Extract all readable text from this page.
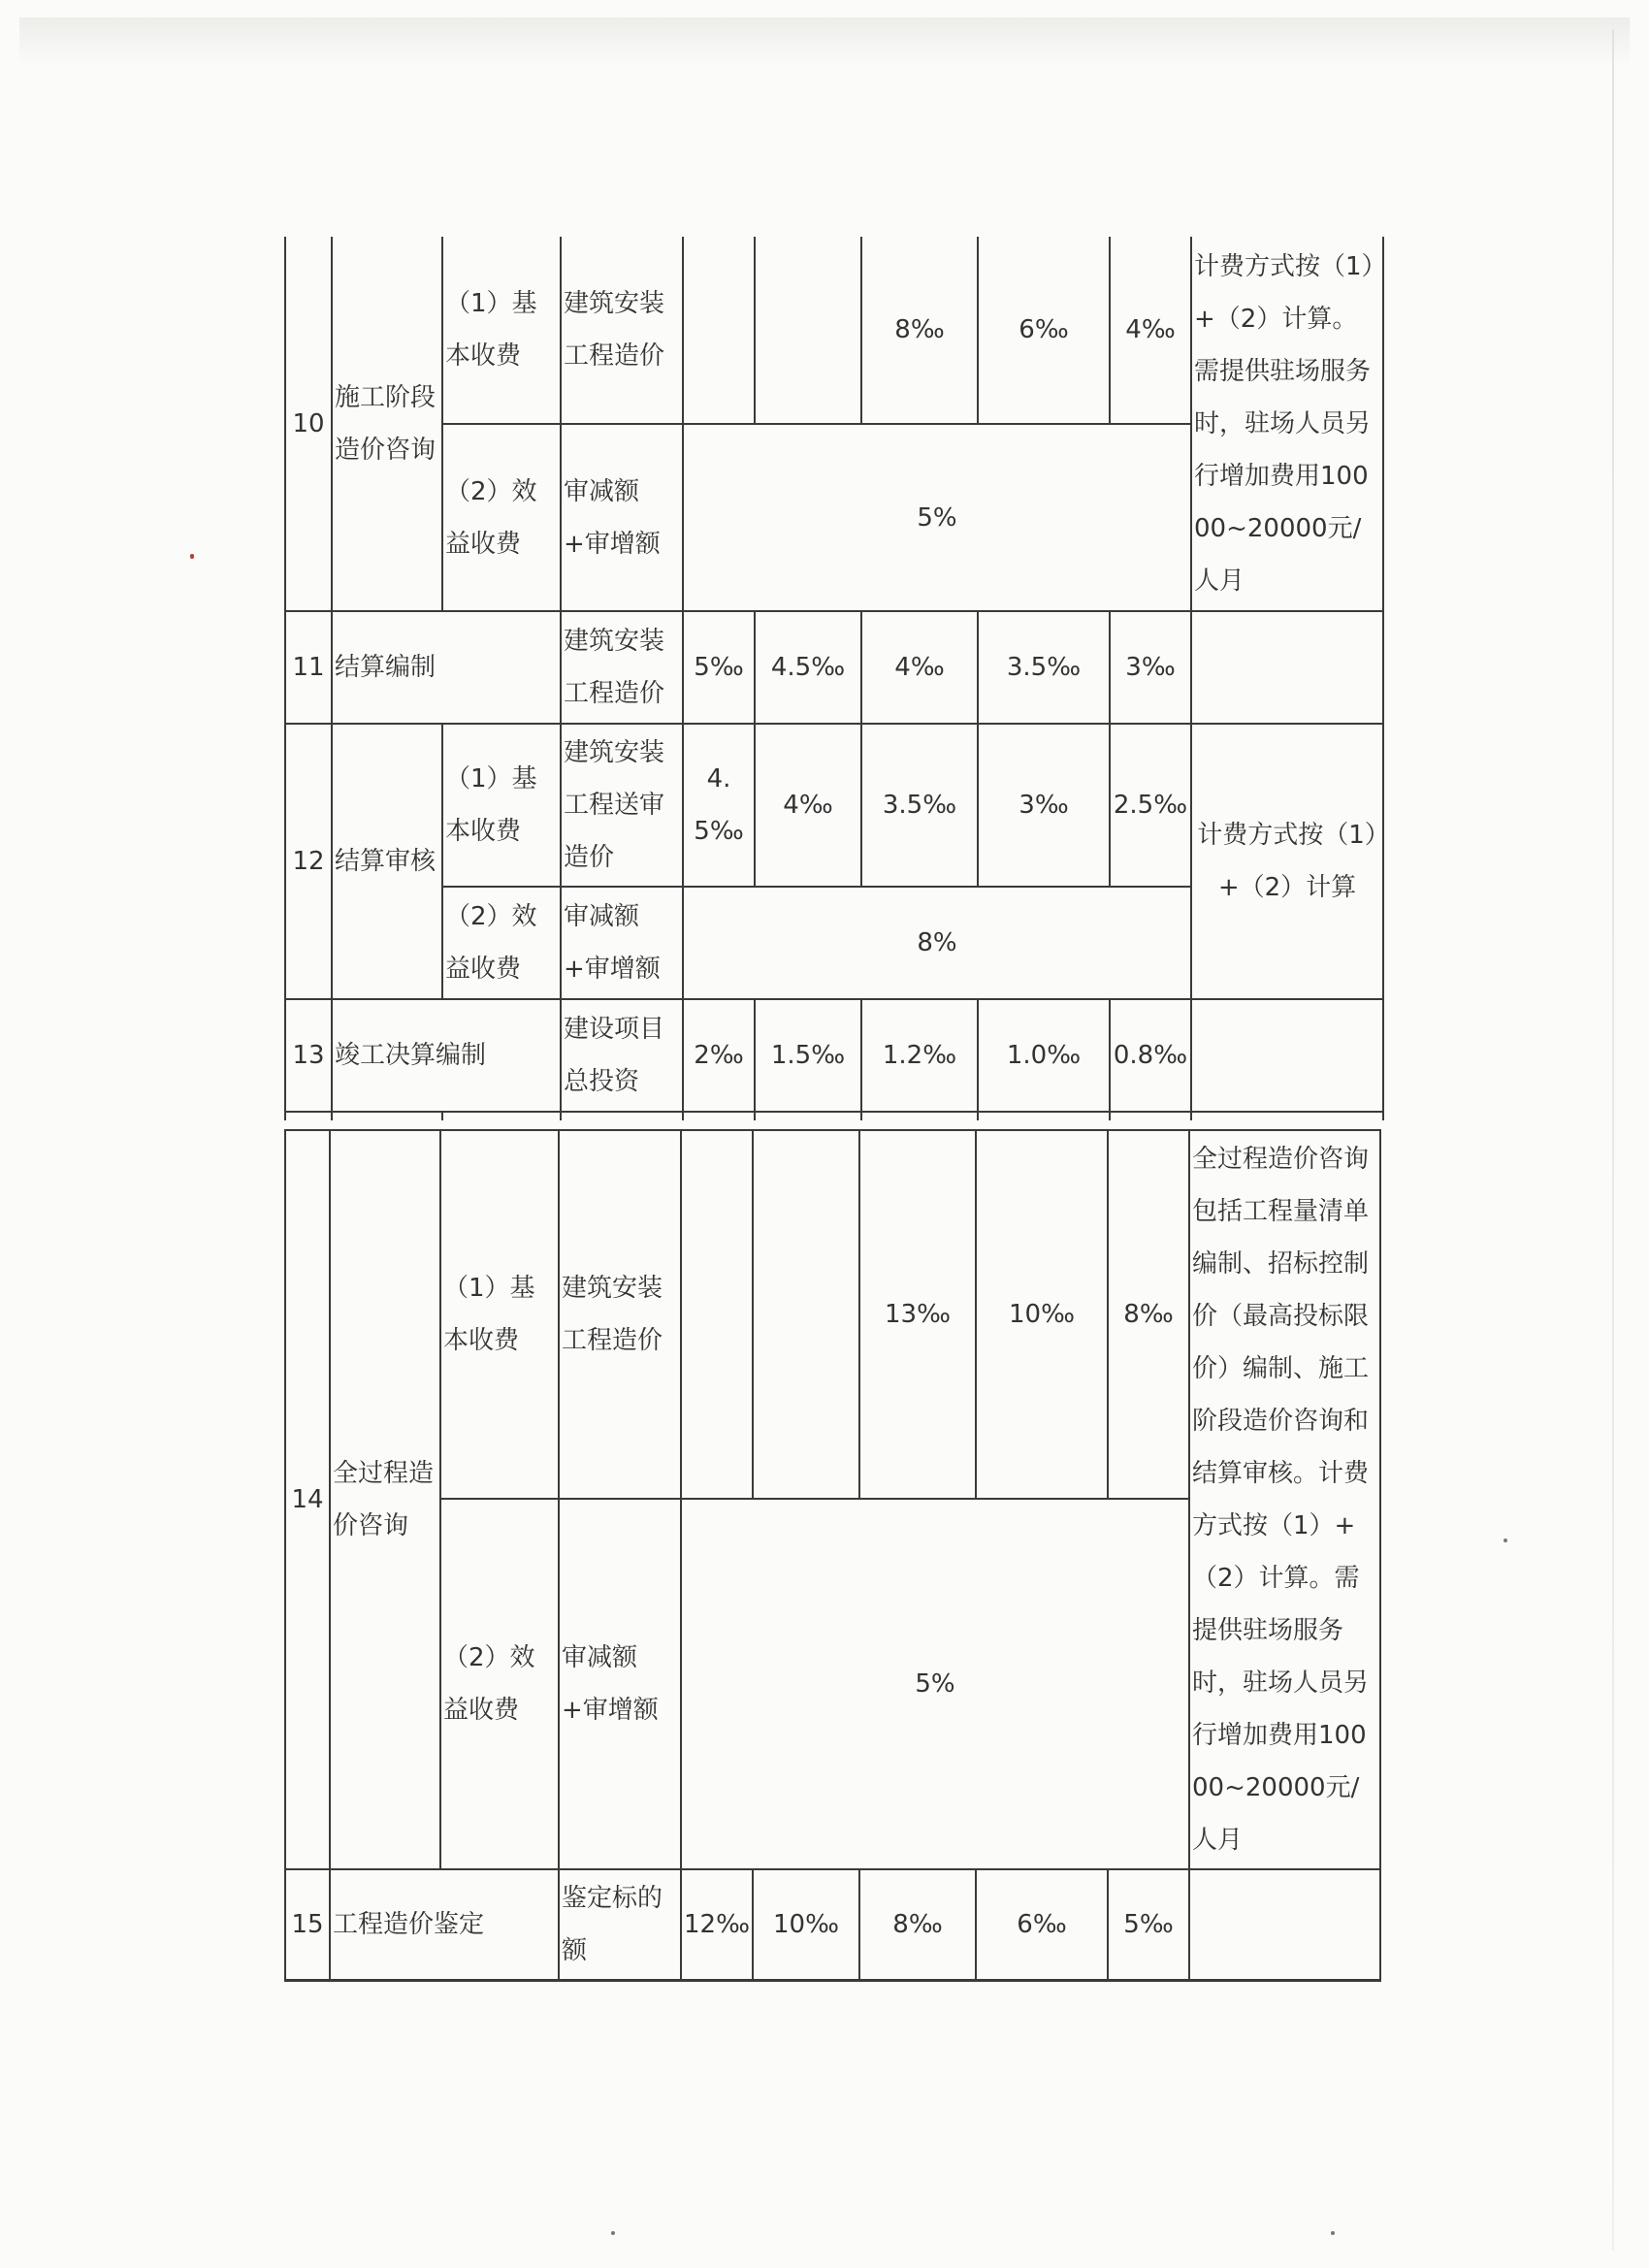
10	施工阶段造价咨询	（1）基本收费	建筑安装工程造价			8‰	6‰	4‰	计费方式按（1）+（2）计算。需提供驻场服务时，驻场人员另行增加费用10000~20000元/人月
		（2）效益收费	审减额+审增额	5%					
11	结算编制		建筑安装工程造价	5‰	4.5‰	4‰	3.5‰	3‰	
12	结算审核	（1）基本收费	建筑安装工程送审造价	4.5‰	4‰	3.5‰	3‰	2.5‰	计费方式按（1）+（2）计算
		（2）效益收费	审减额+审增额	8%					
13	竣工决算编制		建设项目总投资	2‰	1.5‰	1.2‰	1.0‰	0.8‰	

14	全过程造价咨询	（1）基本收费	建筑安装工程造价			13‰	10‰	8‰	全过程造价咨询包括工程量清单编制、招标控制价（最高投标限价）编制、施工阶段造价咨询和结算审核。计费方式按（1）+（2）计算。需提供驻场服务时，驻场人员另行增加费用10000~20000元/人月
		（2）效益收费	审减额+审增额	5%					
15	工程造价鉴定		鉴定标的额	12‰	10‰	8‰	6‰	5‰	
